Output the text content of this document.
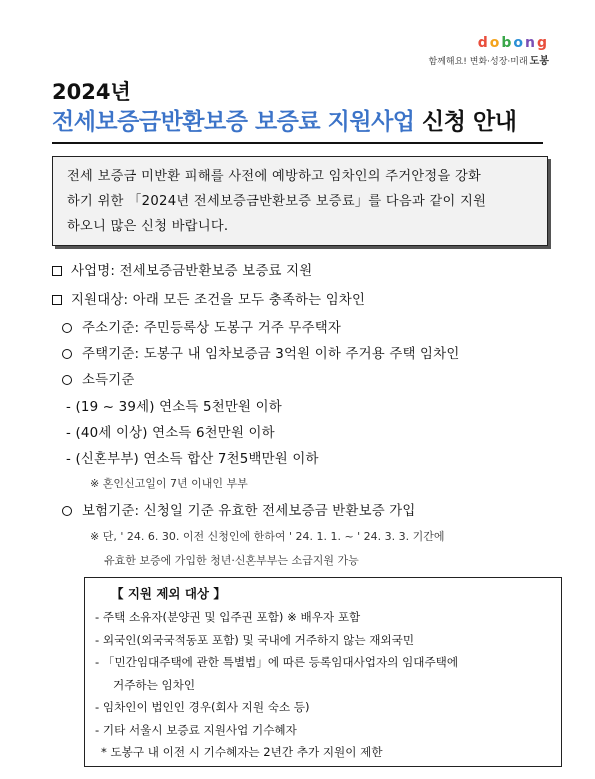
dobong
함께해요! 변화·성장·미래 도봉
2024년
전세보증금반환보증 보증료 지원사업 신청 안내

전세 보증금 미반환 피해를 사전에 예방하고 임차인의 주거안정을 강화

하기 위한 「2024년 전세보증금반환보증 보증료」를 다음과 같이 지원

하오니 많은 신청 바랍니다.

사업명: 전세보증금반환보증 보증료 지원
지원대상: 아래 모든 조건을 모두 충족하는 임차인
주소기준: 주민등록상 도봉구 거주 무주택자
주택기준: 도봉구 내 임차보증금 3억원 이하 주거용 주택 임차인
소득기준
- (19 ~ 39세) 연소득 5천만원 이하
- (40세 이상) 연소득 6천만원 이하
- (신혼부부) 연소득 합산 7천5백만원 이하
※ 혼인신고일이 7년 이내인 부부
보험기준: 신청일 기준 유효한 전세보증금 반환보증 가입
※ 단, ' 24. 6. 30. 이전 신청인에 한하여 ' 24. 1. 1. ~ ' 24. 3. 3. 기간에
유효한 보증에 가입한 청년·신혼부부는 소급지원 가능
【 지원 제외 대상 】
- 주택 소유자(분양권 및 입주권 포함) ※ 배우자 포함
- 외국인(외국국적동포 포함) 및 국내에 거주하지 않는 재외국민
- 「민간임대주택에 관한 특별법」에 따른 등록임대사업자의 임대주택에
거주하는 임차인
- 임차인이 법인인 경우(회사 지원 숙소 등)
- 기타 서울시 보증료 지원사업 기수혜자
* 도봉구 내 이전 시 기수혜자는 2년간 추가 지원이 제한
